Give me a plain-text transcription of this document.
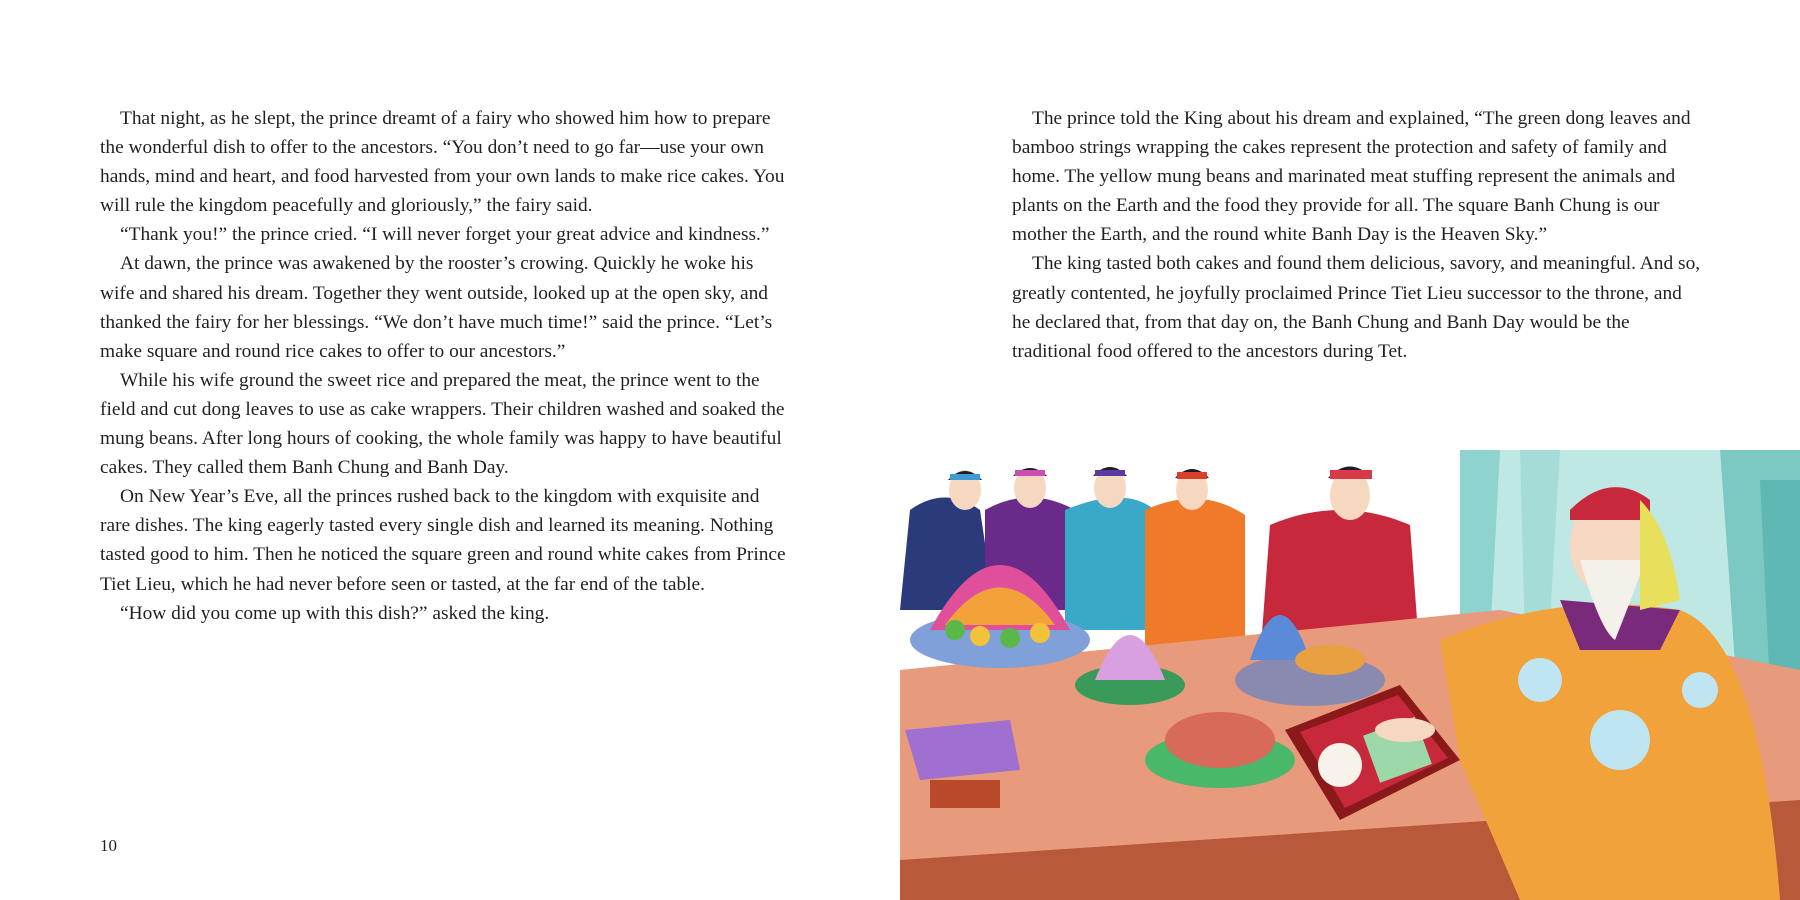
That night, as he slept, the prince dreamt of a fairy who showed him how to prepare the wonderful dish to offer to the ancestors. “You don’t need to go far—use your own hands, mind and heart, and food harvested from your own lands to make rice cakes. You will rule the kingdom peacefully and gloriously,” the fairy said.

“Thank you!” the prince cried. “I will never forget your great advice and kindness.”

At dawn, the prince was awakened by the rooster’s crowing. Quickly he woke his wife and shared his dream. Together they went outside, looked up at the open sky, and thanked the fairy for her blessings. “We don’t have much time!” said the prince. “Let’s make square and round rice cakes to offer to our ancestors.”

While his wife ground the sweet rice and prepared the meat, the prince went to the field and cut dong leaves to use as cake wrappers. Their children washed and soaked the mung beans. After long hours of cooking, the whole family was happy to have beautiful cakes. They called them Banh Chung and Banh Day.

On New Year’s Eve, all the princes rushed back to the kingdom with exquisite and rare dishes. The king eagerly tasted every single dish and learned its meaning. Nothing tasted good to him. Then he noticed the square green and round white cakes from Prince Tiet Lieu, which he had never before seen or tasted, at the far end of the table.

“How did you come up with this dish?” asked the king.

10

The prince told the King about his dream and explained, “The green dong leaves and bamboo strings wrapping the cakes represent the protection and safety of family and home. The yellow mung beans and marinated meat stuffing represent the animals and plants on the Earth and the food they provide for all. The square Banh Chung is our mother the Earth, and the round white Banh Day is the Heaven Sky.”

The king tasted both cakes and found them delicious, savory, and meaningful. And so, greatly contented, he joyfully proclaimed Prince Tiet Lieu successor to the throne, and he declared that, from that day on, the Banh Chung and Banh Day would be the traditional food offered to the ancestors during Tet.
